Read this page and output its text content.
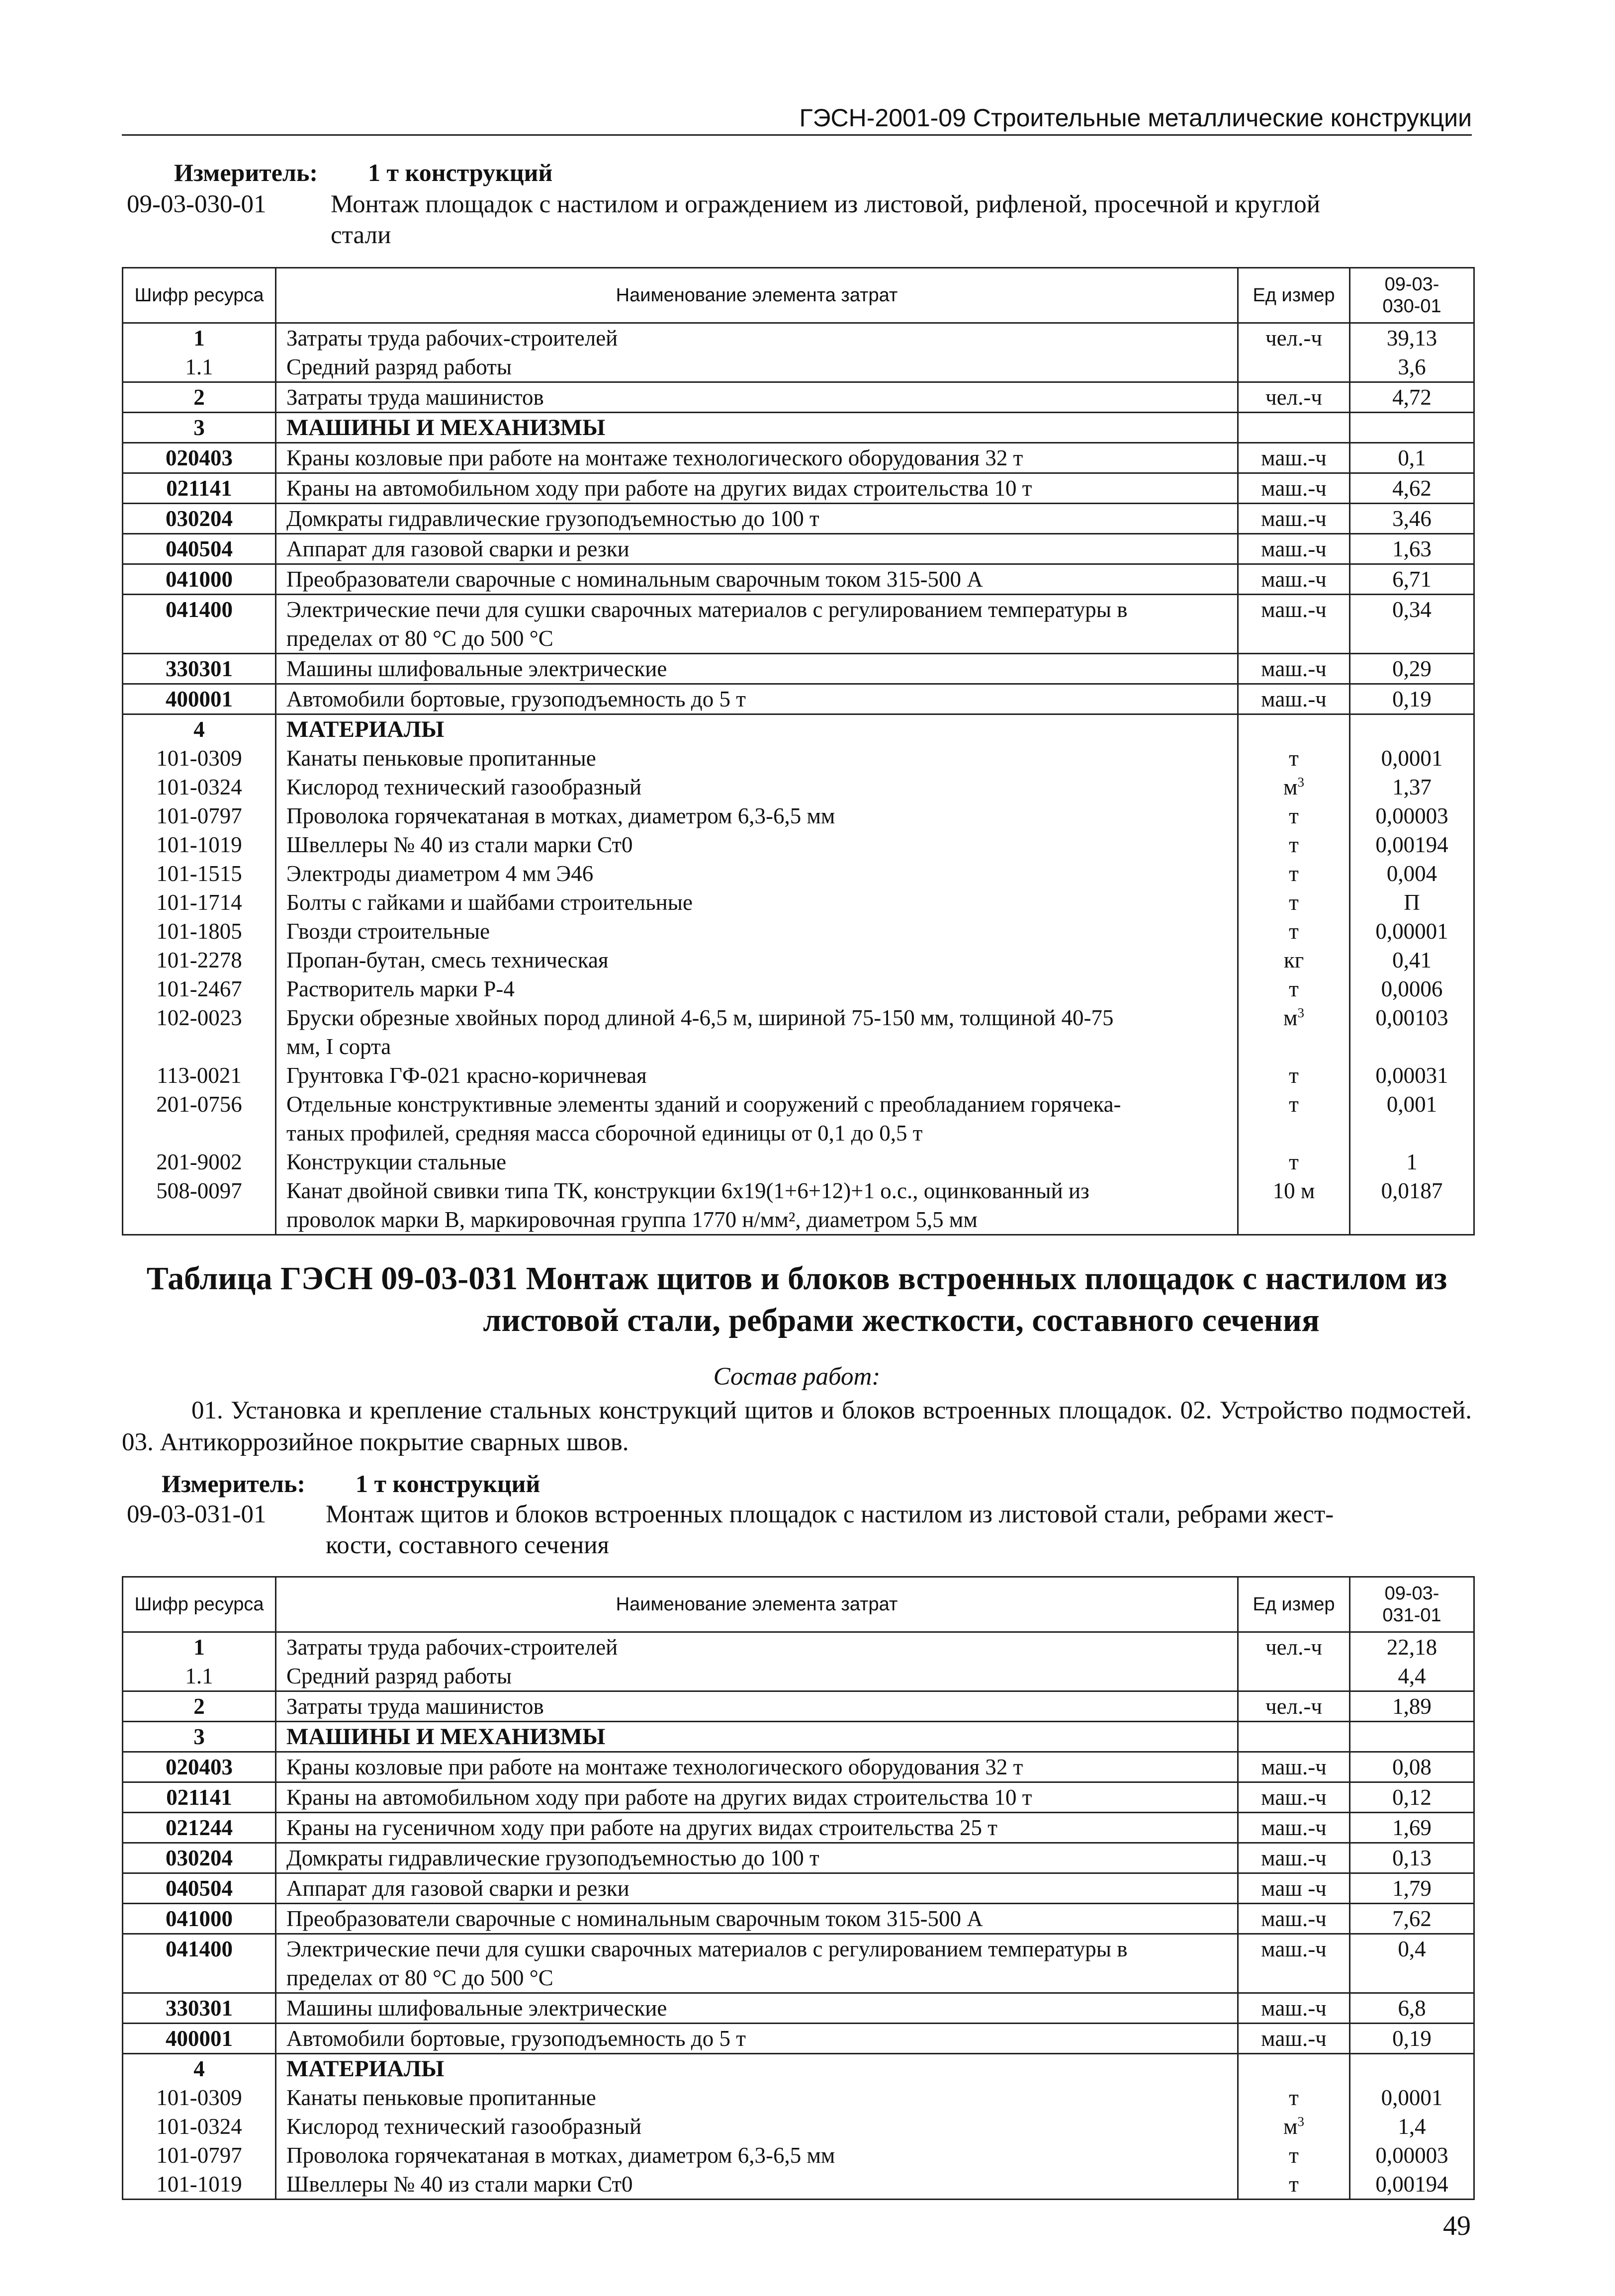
ГЭСН-2001-09 Строительные металлические конструкции
Измеритель: 1 т конструкций
09-03-030-01	Монтаж площадок с настилом и ограждением из листовой, рифленой, просечной и круглой
стали
Шифр ресурса	Наименование элемента затрат	Ед измер	09-03-
030-01
1	Затраты труда рабочих-строителей	чел.-ч	39,13
1.1	Средний разряд работы		3,6
2	Затраты труда машинистов	чел.-ч	4,72
3	МАШИНЫ И МЕХАНИЗМЫ		

020403	Краны козловые при работе на монтаже технологического оборудования 32 т	маш.-ч	0,1
021141	Краны на автомобильном ходу при работе на других видах строительства 10 т	маш.-ч	4,62
030204	Домкраты гидравлические грузоподъемностью до 100 т	маш.-ч	3,46
040504	Аппарат для газовой сварки и резки	маш.-ч	1,63
041000	Преобразователи сварочные с номинальным сварочным током 315-500 А	маш.-ч	6,71
041400	Электрические печи для сушки сварочных материалов с регулированием температуры в
пределах от 80 °С до 500 °С	маш.-ч	0,34
330301	Машины шлифовальные электрические	маш.-ч	0,29
400001	Автомобили бортовые, грузоподъемность до 5 т	маш.-ч	0,19
4	МАТЕРИАЛЫ		

101-0309	Канаты пеньковые пропитанные	т	0,0001
101-0324	Кислород технический газообразный	$м^3$	1,37
101-0797	Проволока горячекатаная в мотках, диаметром 6,3-6,5 мм	т	0,00003
101-1019	Швеллеры № 40 из стали марки Ст0	т	0,00194
101-1515	Электроды диаметром 4 мм Э46	т	0,004
101-1714	Болты с гайками и шайбами строительные	т	П
101-1805	Гвозди строительные	т	0,00001
101-2278	Пропан-бутан, смесь техническая	кг	0,41
101-2467	Растворитель марки Р-4	т	0,0006
102-0023	Бруски обрезные хвойных пород длиной 4-6,5 м, шириной 75-150 мм, толщиной 40-75
мм, I сорта	$м^3$	0,00103
113-0021	Грунтовка ГФ-021 красно-коричневая	т	0,00031
201-0756	Отдельные конструктивные элементы зданий и сооружений с преобладанием горячека-
таных профилей, средняя масса сборочной единицы от 0,1 до 0,5 т	т	0,001
201-9002	Конструкции стальные	т	1
508-0097	Канат двойной свивки типа ТК, конструкции 6х19(1+6+12)+1 о.с., оцинкованный из
проволок марки В, маркировочная группа 1770 н/мм², диаметром 5,5 мм	10 м	0,0187
Таблица ГЭСН 09-03-031 Монтаж щитов и блоков встроенных площадок с настилом из
листовой стали, ребрами жесткости, составного сечения
Состав работ:
01. Установка и крепление стальных конструкций щитов и блоков встроенных площадок. 02. Устройство подмостей. 03. Антикоррозийное покрытие сварных швов.
Измеритель: 1 т конструкций
09-03-031-01 Монтаж щитов и блоков встроенных площадок с настилом из листовой стали, ребрами жест-
кости, составного сечения
Шифр ресурса	Наименование элемента затрат	Ед измер	09-03-
031-01
1	Затраты труда рабочих-строителей	чел.-ч	22,18
1.1	Средний разряд работы		4,4
2	Затраты труда машинистов	чел.-ч	1,89
3	МАШИНЫ И МЕХАНИЗМЫ		

020403	Краны козловые при работе на монтаже технологического оборудования 32 т	маш.-ч	0,08
021141	Краны на автомобильном ходу при работе на других видах строительства 10 т	маш.-ч	0,12
021244	Краны на гусеничном ходу при работе на других видах строительства 25 т	маш.-ч	1,69
030204	Домкраты гидравлические грузоподъемностью до 100 т	маш.-ч	0,13
040504	Аппарат для газовой сварки и резки	маш -ч	1,79
041000	Преобразователи сварочные с номинальным сварочным током 315-500 А	маш.-ч	7,62
041400	Электрические печи для сушки сварочных материалов с регулированием температуры в
пределах от 80 °С до 500 °С	маш.-ч	0,4
330301	Машины шлифовальные электрические	маш.-ч	6,8
400001	Автомобили бортовые, грузоподъемность до 5 т	маш.-ч	0,19
4	МАТЕРИАЛЫ		

101-0309	Канаты пеньковые пропитанные	т	0,0001
101-0324	Кислород технический газообразный	$м^3$	1,4
101-0797	Проволока горячекатаная в мотках, диаметром 6,3-6,5 мм	т	0,00003
101-1019	Швеллеры № 40 из стали марки Ст0	т	0,00194
49
